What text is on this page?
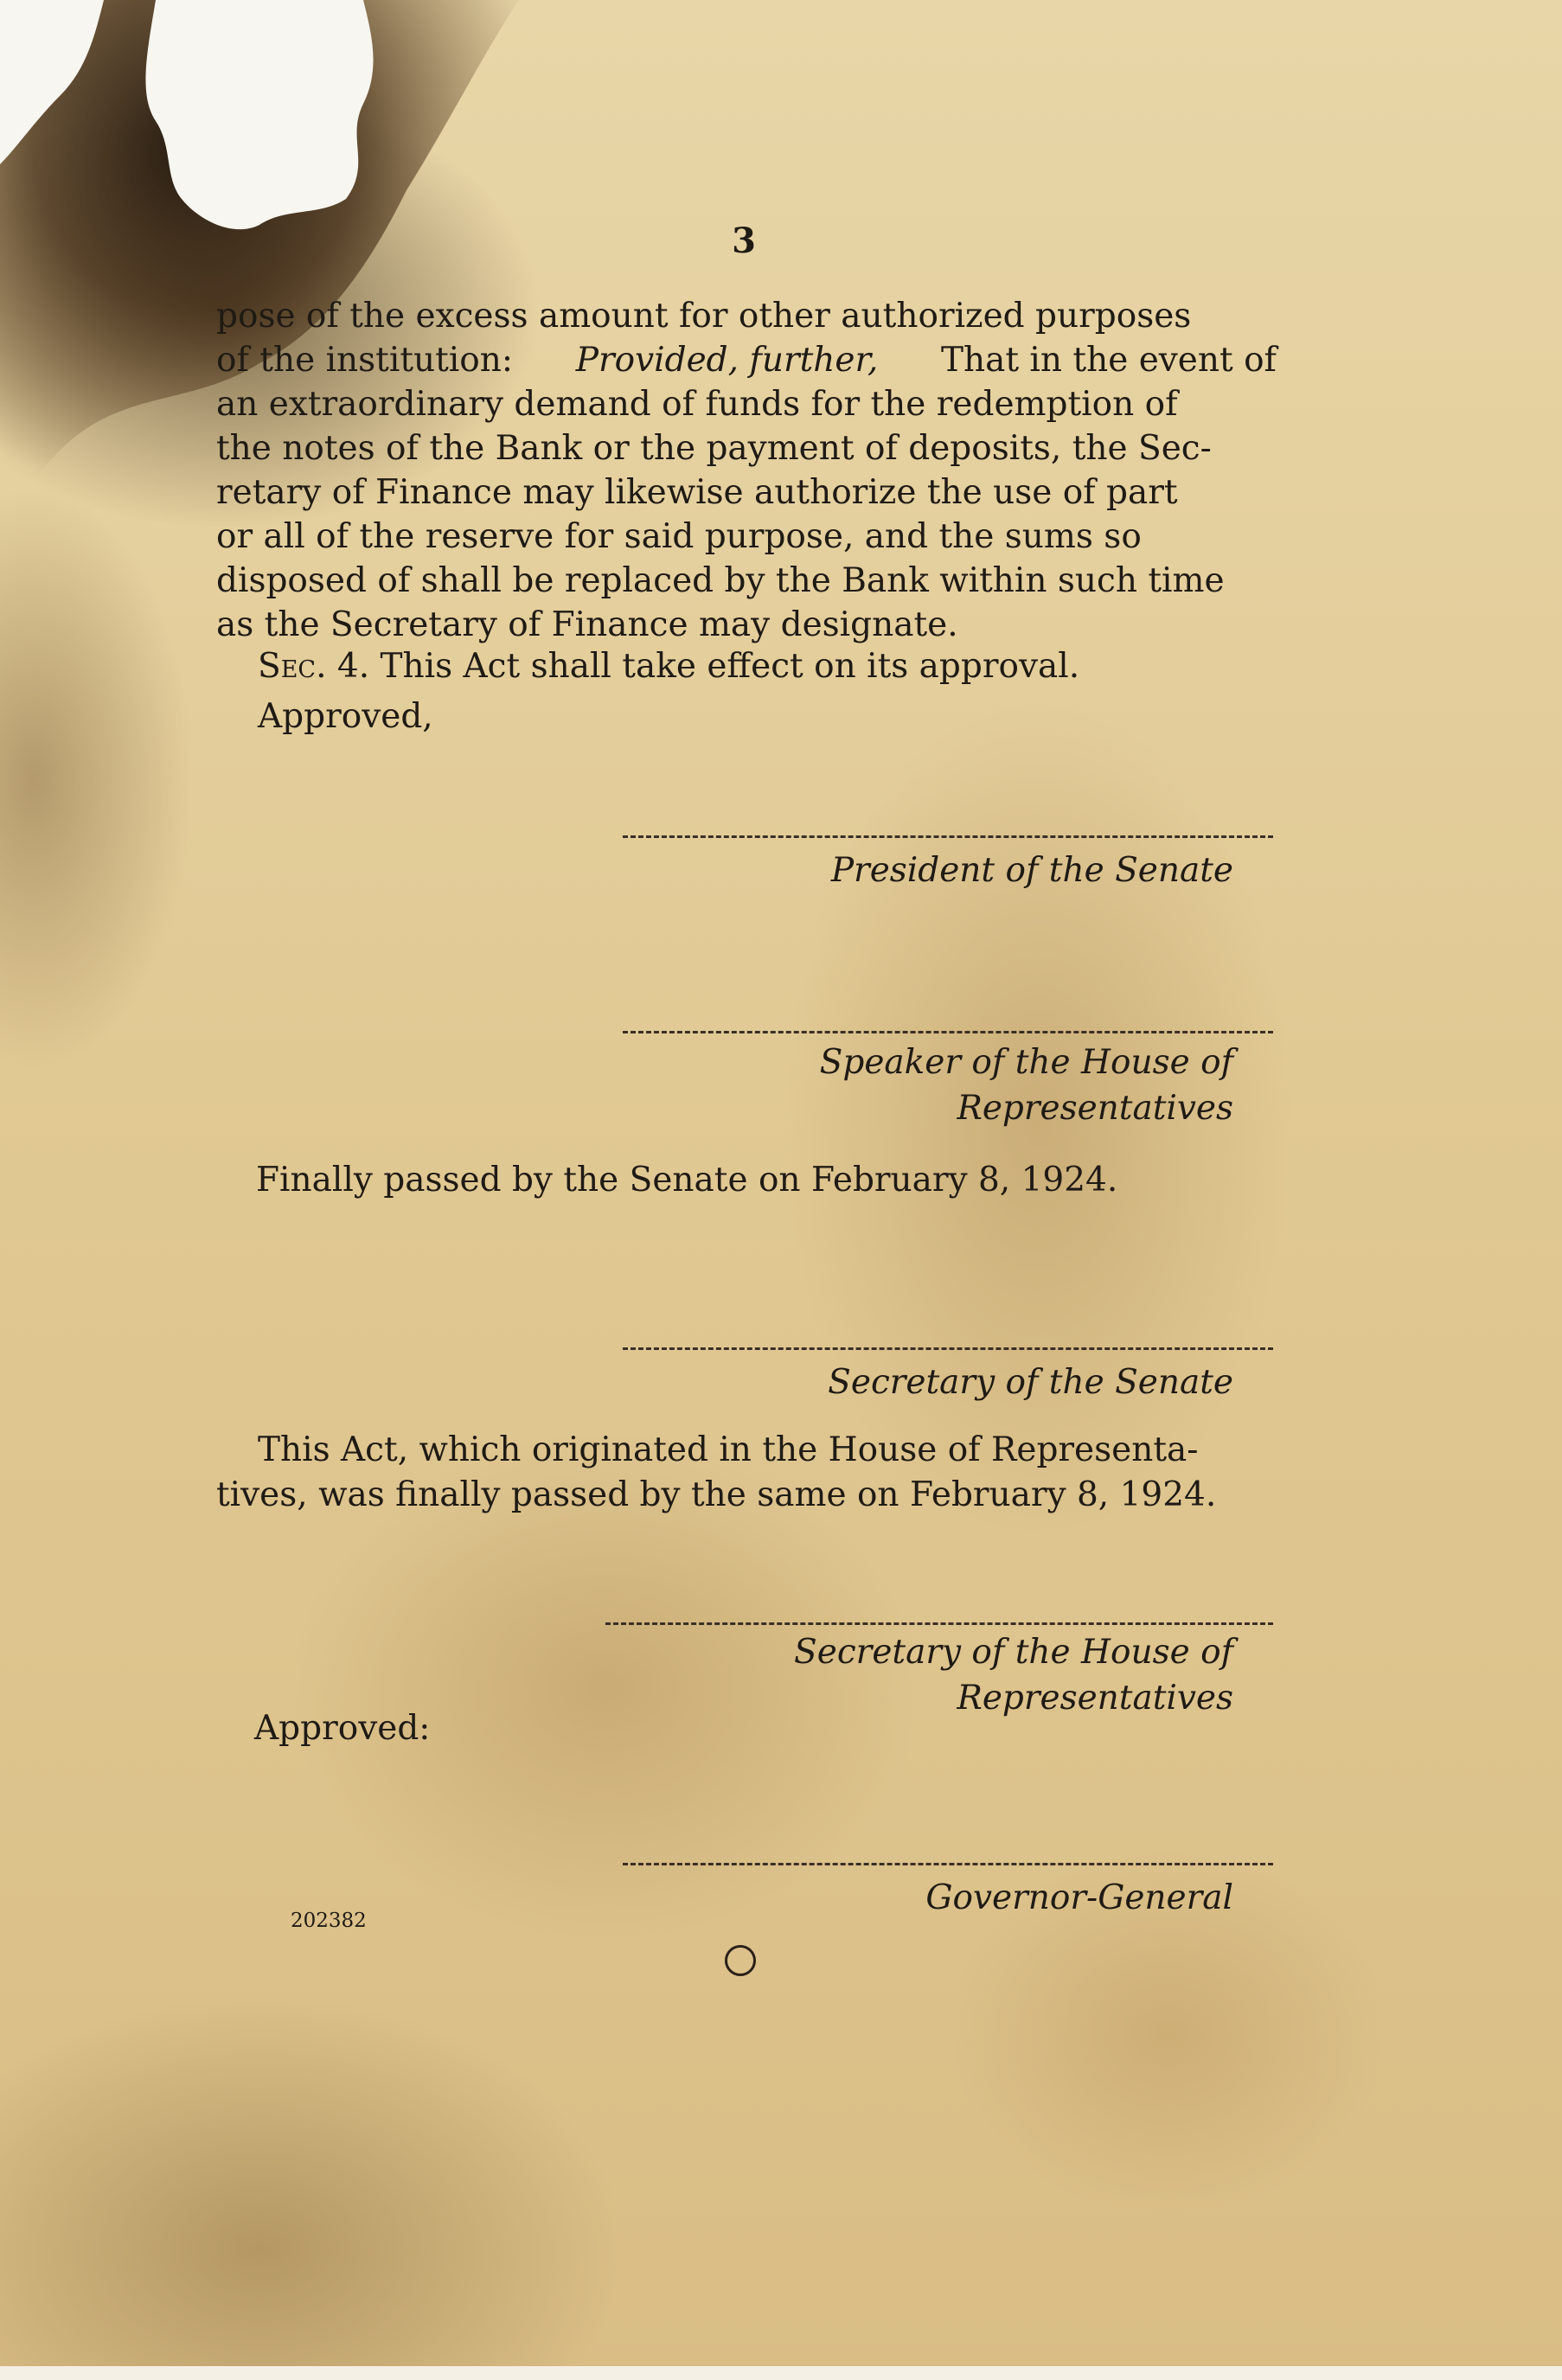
3
pose of the excess amount for other authorized purposes
of the institution: Provided, further, That in the event of
an extraordinary demand of funds for the redemption of
the notes of the Bank or the payment of deposits, the Sec-
retary of Finance may likewise authorize the use of part
or all of the reserve for said purpose, and the sums so
disposed of shall be replaced by the Bank within such time
as the Secretary of Finance may designate.
Sec. 4. This Act shall take effect on its approval.
Approved,
President of the Senate
Speaker of the House of
Representatives
Finally passed by the Senate on February 8, 1924.
Secretary of the Senate
This Act, which originated in the House of Representa-
tives, was finally passed by the same on February 8, 1924.
Secretary of the House of
Representatives
Approved:
Governor-General
202382
